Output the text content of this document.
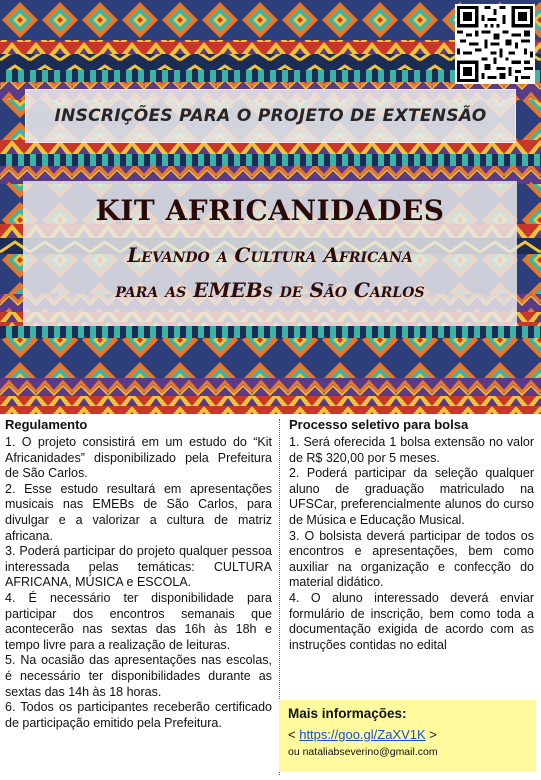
INSCRIÇÕES PARA O PROJETO DE EXTENSÃO
KIT AFRICANIDADES
Levando a Cultura Africana
para as EMEBs de São Carlos
Regulamento

1. O projeto consistirá em um estudo do “Kit Africanidades” disponibilizado pela Prefeitura de São Carlos.

2. Esse estudo resultará em apresentações musicais nas EMEBs de São Carlos, para divulgar e a valorizar a cultura de matriz africana.

3. Poderá participar do projeto qualquer pessoa interessada pelas temáticas: CULTURA AFRICANA, MÚSICA e ESCOLA.

4. É necessário ter disponibilidade para participar dos encontros semanais que acontecerão nas sextas das 16h às 18h e tempo livre para a realização de leituras.

5. Na ocasião das apresentações nas escolas, é necessário ter disponibilidades durante as sextas das 14h às 18 horas.

6. Todos os participantes receberão certificado de participação emitido pela Prefeitura.

Processo seletivo para bolsa

1. Será oferecida 1 bolsa extensão no valor de R$ 320,00 por 5 meses.

2. Poderá participar da seleção qualquer aluno de graduação matriculado na UFSCar, preferencialmente alunos do curso de Música e Educação Musical.

3. O bolsista deverá participar de todos os encontros e apresentações, bem como auxiliar na organização e confecção do material didático.

4. O aluno interessado deverá enviar formulário de inscrição, bem como toda a documentação exigida de acordo com as instruções contidas no edital

Mais informações:
< https://goo.gl/ZaXV1K >
ou nataliabseverino@gmail.com
